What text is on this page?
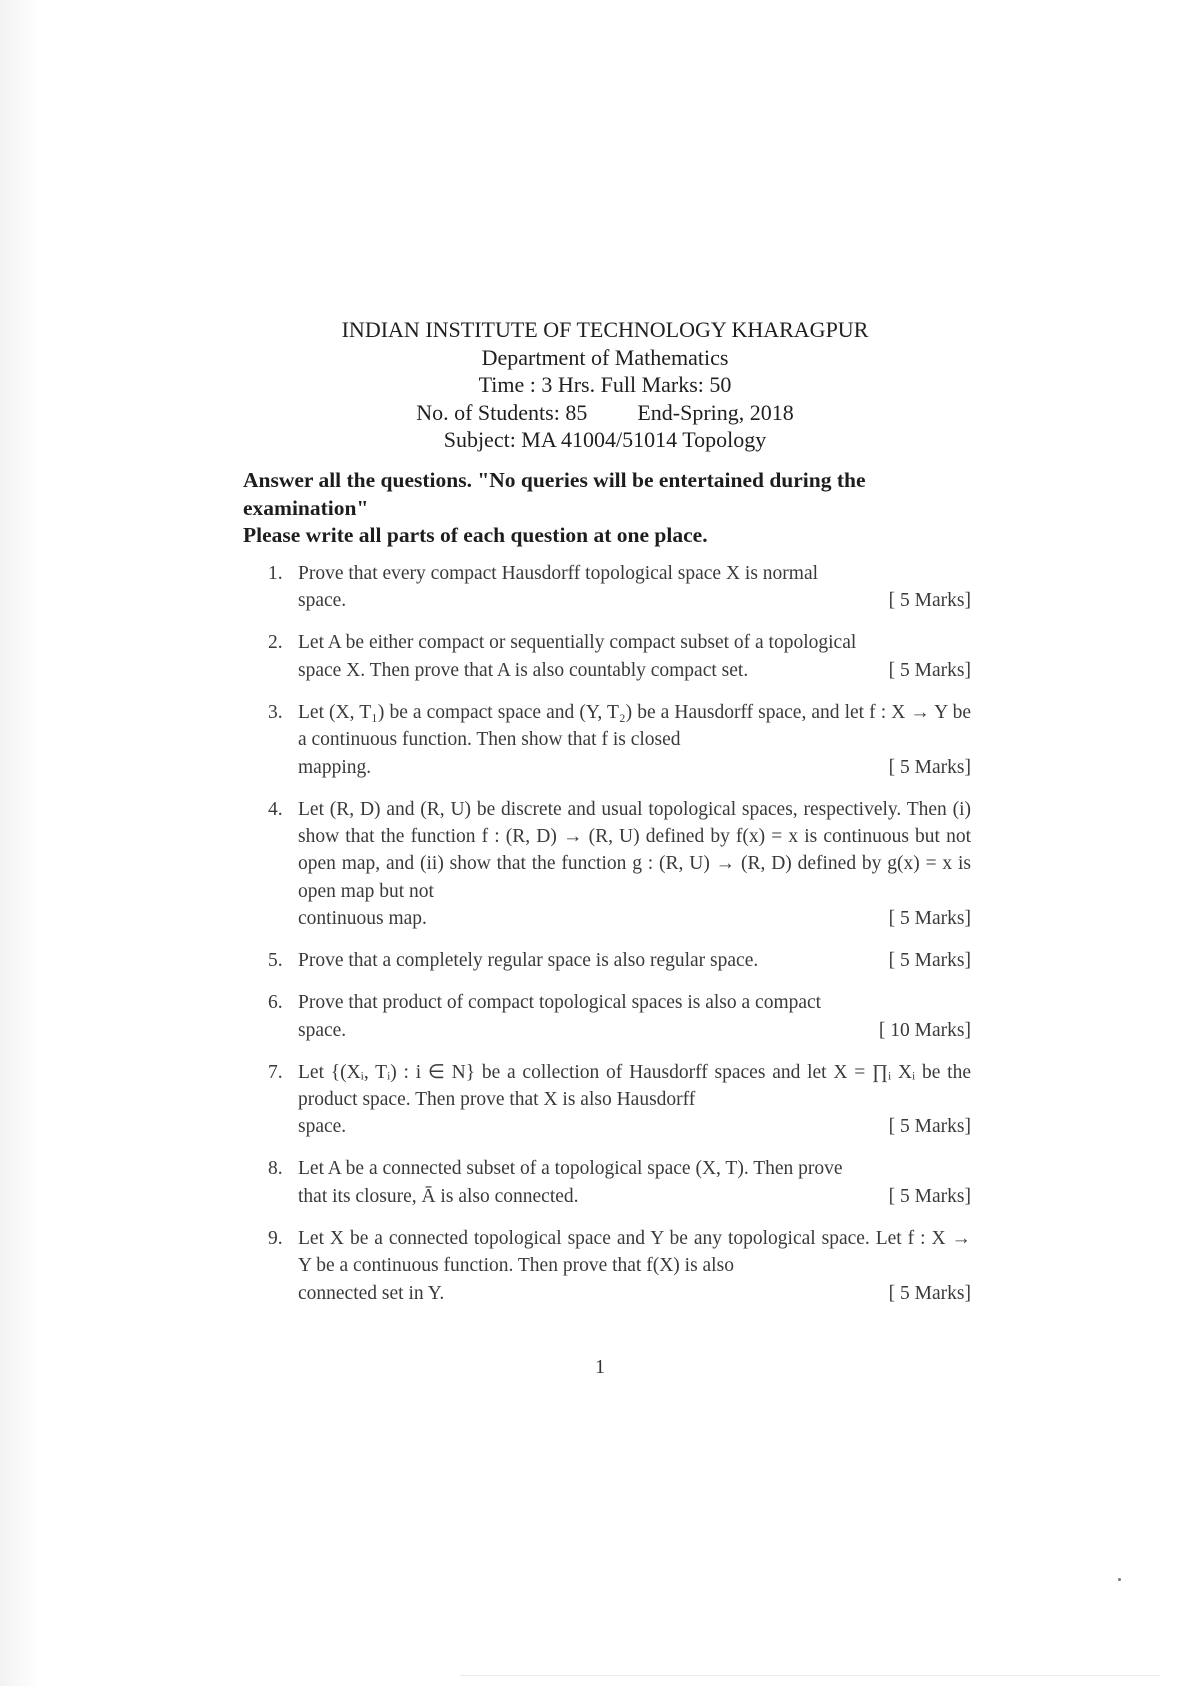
INDIAN INSTITUTE OF TECHNOLOGY KHARAGPUR
Department of Mathematics
Time : 3 Hrs. Full Marks: 50
No. of Students: 85 End-Spring, 2018
Subject: MA 41004/51014 Topology

Answer all the questions. "No queries will be entertained during the examination"

Please write all parts of each question at one place.

1. Prove that every compact Hausdorff topological space X is normal
space.	[ 5 Marks]
2. Let A be either compact or sequentially compact subset of a topological
space X. Then prove that A is also countably compact set.	[ 5 Marks]
3. Let (X, T₁) be a compact space and (Y, T₂) be a Hausdorff space, and let f : X → Y be a continuous function. Then show that f is closed
mapping.	[ 5 Marks]
4. Let (R, D) and (R, U) be discrete and usual topological spaces, respectively. Then (i) show that the function f : (R, D) → (R, U) defined by f(x) = x is continuous but not open map, and (ii) show that the function g : (R, U) → (R, D) defined by g(x) = x is open map but not
continuous map.	[ 5 Marks]
5. Prove that a completely regular space is also regular space.	[ 5 Marks]
6. Prove that product of compact topological spaces is also a compact
space.	[ 10 Marks]
7. Let {(Xᵢ, Tᵢ) : i ∈ N} be a collection of Hausdorff spaces and let X = ∏ᵢ Xᵢ be the product space. Then prove that X is also Hausdorff
space.	[ 5 Marks]
8. Let A be a connected subset of a topological space (X, T). Then prove
that its closure, Ā is also connected.	[ 5 Marks]
9. Let X be a connected topological space and Y be any topological space. Let f : X → Y be a continuous function. Then prove that f(X) is also
connected set in Y.	[ 5 Marks]
1
